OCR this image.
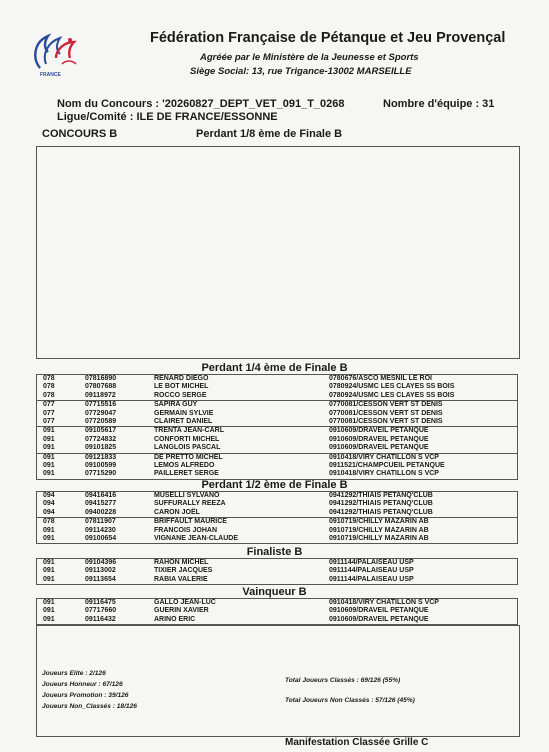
FRANCE
Fédération Française de Pétanque et Jeu Provençal
Agréée par le Ministère de la Jeunesse et Sports
Siège Social: 13, rue Trigance-13002 MARSEILLE
Nom du Concours : '20260827_DEPT_VET_091_T_0268	Nombre d'équipe : 31
Ligue/Comité : ILE DE FRANCE/ESSONNE
CONCOURS B	Perdant 1/8 ème de Finale B
Perdant 1/4 ème de Finale B
078	07816890	RENARD DIEGO	0780676/ASCO MESNIL LE ROI
078	07807688	LE BOT MICHEL	0780924/USMC LES CLAYES SS BOIS
078	09118972	ROCCO SERGE	0780924/USMC LES CLAYES SS BOIS
077	07715516	SAPIRA GUY	0770081/CESSON VERT ST DENIS
077	07729047	GERMAIN SYLVIE	0770081/CESSON VERT ST DENIS
077	07720589	CLAIRET DANIEL	0770081/CESSON VERT ST DENIS
091	09105617	TRENTA JEAN-CARL	0910609/DRAVEIL PETANQUE
091	07724832	CONFORTI MICHEL	0910609/DRAVEIL PETANQUE
091	09101825	LANGLOIS PASCAL	0910609/DRAVEIL PETANQUE
091	09121833	DE PRETTO MICHEL	0910418/VIRY CHATILLON S VCP
091	09100599	LEMOS ALFREDO	0911521/CHAMPCUEIL PETANQUE
091	07715290	PAILLERET SERGE	0910418/VIRY CHATILLON S VCP
Perdant 1/2 ème de Finale B
094	09416416	MUSELLI SYLVANO	0941292/THIAIS PETANQ'CLUB
094	09415277	SUFFURALLY REEZA	0941292/THIAIS PETANQ'CLUB
094	09400228	CARON JOËL	0941292/THIAIS PETANQ'CLUB
078	07811907	BRIFFAULT MAURICE	0910719/CHILLY MAZARIN AB
091	09114230	FRANCOIS JOHAN	0910719/CHILLY MAZARIN AB
091	09100654	VIGNANE JEAN-CLAUDE	0910719/CHILLY MAZARIN AB
Finaliste B
091	09104396	RAHON MICHEL	0911144/PALAISEAU USP
091	09113002	TIXIER JACQUES	0911144/PALAISEAU USP
091	09113654	RABIA VALERIE	0911144/PALAISEAU USP
Vainqueur B
091	09116475	GALLO JEAN-LUC	0910418/VIRY CHATILLON S VCP
091	07717660	GUERIN XAVIER	0910609/DRAVEIL PETANQUE
091	09116432	ARINO ERIC	0910609/DRAVEIL PETANQUE
Joueurs Elite : 2/126
Joueurs Honneur : 67/126
Joueurs Promotion : 39/126
Joueurs Non_Classés : 18/126
Total Joueurs Classés : 69/126 (55%)
Total Joueurs Non Classés : 57/126 (45%)
Manifestation Classée Grille C
